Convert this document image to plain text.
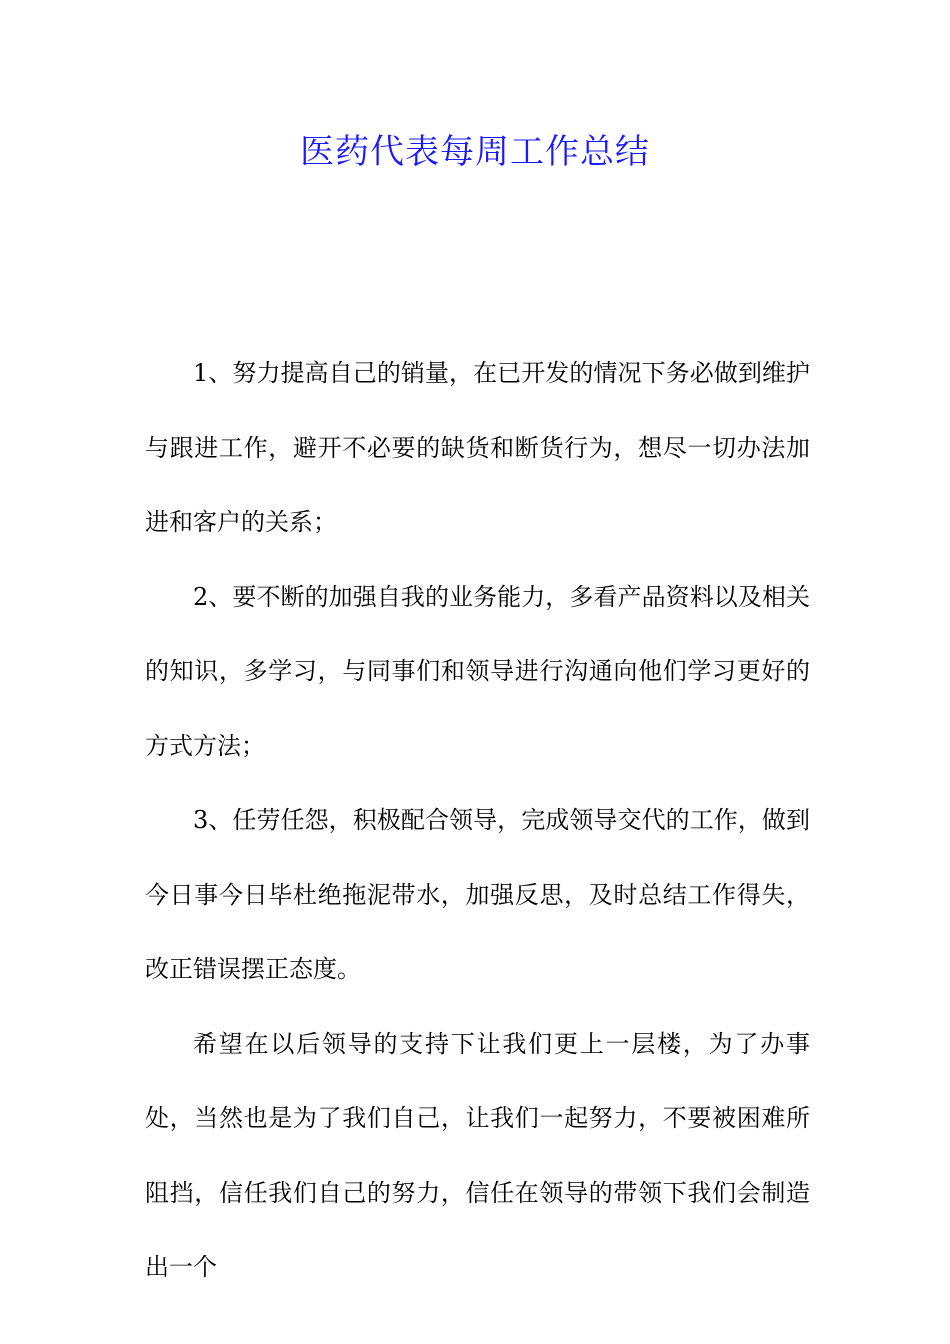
医药代表每周工作总结

1、努力提高自己的销量，在已开发的情况下务必做到维护与跟进工作，避开不必要的缺货和断货行为，想尽一切办法加进和客户的关系；

2、要不断的加强自我的业务能力，多看产品资料以及相关的知识，多学习，与同事们和领导进行沟通向他们学习更好的方式方法；

3、任劳任怨，积极配合领导，完成领导交代的工作，做到今日事今日毕杜绝拖泥带水，加强反思，及时总结工作得失，改正错误摆正态度。

希望在以后领导的支持下让我们更上一层楼，为了办事处，当然也是为了我们自己，让我们一起努力，不要被困难所阻挡，信任我们自己的努力，信任在领导的带领下我们会制造出一个
